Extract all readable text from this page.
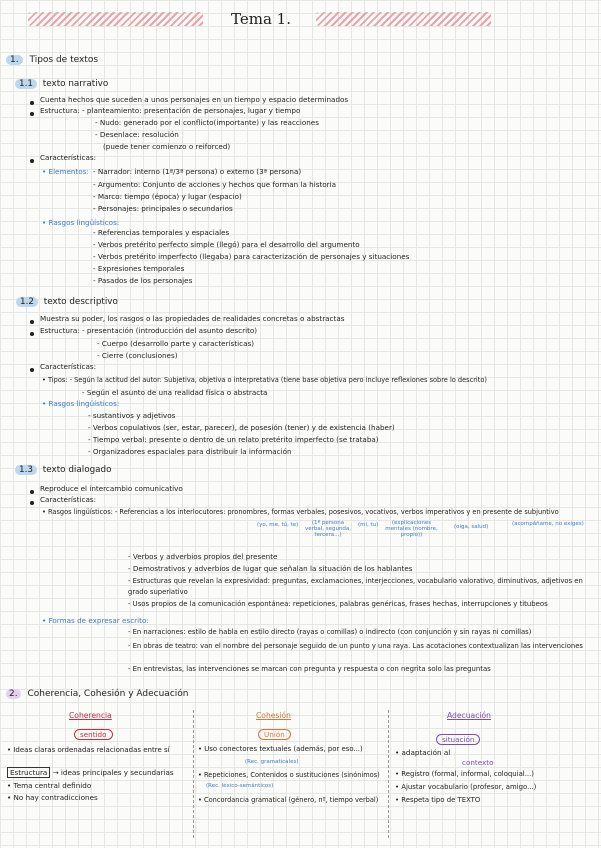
Tema 1.
1. Tipos de textos
1.1 texto narrativo
Cuenta hechos que suceden a unos personajes en un tiempo y espacio determinados
Estructura: - planteamiento: presentación de personajes, lugar y tiempo
- Nudo: generado por el conflicto(importante) y las reacciones
- Desenlace: resolución
(puede tener comienzo o reiforced)
Características:
• Elementos: - Narrador: interno (1ª/3ª persona) o externo (3ª persona)
- Argumento: Conjunto de acciones y hechos que forman la historia
- Marco: tiempo (época) y lugar (espacio)
- Personajes: principales o secundarios
• Rasgos lingüísticos:
- Referencias temporales y espaciales
- Verbos pretérito perfecto simple (llegó) para el desarrollo del argumento
- Verbos pretérito imperfecto (llegaba) para caracterización de personajes y situaciones
- Expresiones temporales
- Pasados de los personajes
1.2 texto descriptivo
Muestra su poder, los rasgos o las propiedades de realidades concretas o abstractas
Estructura: - presentación (introducción del asunto descrito)
- Cuerpo (desarrollo parte y características)
- Cierre (conclusiones)
Características:
• Tipos: - Según la actitud del autor: Subjetiva, objetiva o interpretativa (tiene base objetiva pero incluye reflexiones sobre lo descrito)
- Según el asunto de una realidad física o abstracta
• Rasgos lingüísticos:
- sustantivos y adjetivos
- Verbos copulativos (ser, estar, parecer), de posesión (tener) y de existencia (haber)
- Tiempo verbal: presente o dentro de un relato pretérito imperfecto (se trataba)
- Organizadores espaciales para distribuir la información
1.3 texto dialogado
Reproduce el intercambio comunicativo
Características:
• Rasgos lingüísticos: - Referencias a los interlocutores: pronombres, formas verbales, posesivos, vocativos, verbos imperativos y en presente de subjuntivo
(yo, me, tú, te)	(1ª persona verbal, segunda, tercera...)
(mi, tu)	(explicaciones mentales (nombre, propio))
(oiga, salud)	(acompáñame, no exiges)
- Verbos y adverbios propios del presente
- Demostrativos y adverbios de lugar que señalan la situación de los hablantes
- Estructuras que revelan la expresividad: preguntas, exclamaciones, interjecciones, vocabulario valorativo, diminutivos, adjetivos en grado superlativo
- Usos propios de la comunicación espontánea: repeticiones, palabras genéricas, frases hechas, interrupciones y titubeos
• Formas de expresar escrito:
- En narraciones: estilo de habla en estilo directo (rayas o comillas) o indirecto (con conjunción y sin rayas ni comillas)
- En obras de teatro: van el nombre del personaje seguido de un punto y una raya. Las acotaciones contextualizan las intervenciones
- En entrevistas, las intervenciones se marcan con pregunta y respuesta o con negrita solo las preguntas
2. Coherencia, Cohesión y Adecuación
Coherencia
sentido
• Ideas claras ordenadas relacionadas entre sí
Estructura → ideas principales y secundarias
• Tema central definido
• No hay contradicciones
Cohesión
Unión
• Uso conectores textuales (además, por eso...)
(Rec. gramaticales)
• Repeticiones, Contenidos o sustituciones (sinónimos)
(Rec. léxico-semánticos)
• Concordancia gramatical (género, nº, tiempo verbal)
Adecuación
situación
• adaptación al
contexto
• Registro (formal, informal, coloquial...)
• Ajustar vocabulario (profesor, amigo...)
• Respeta tipo de TEXTO
